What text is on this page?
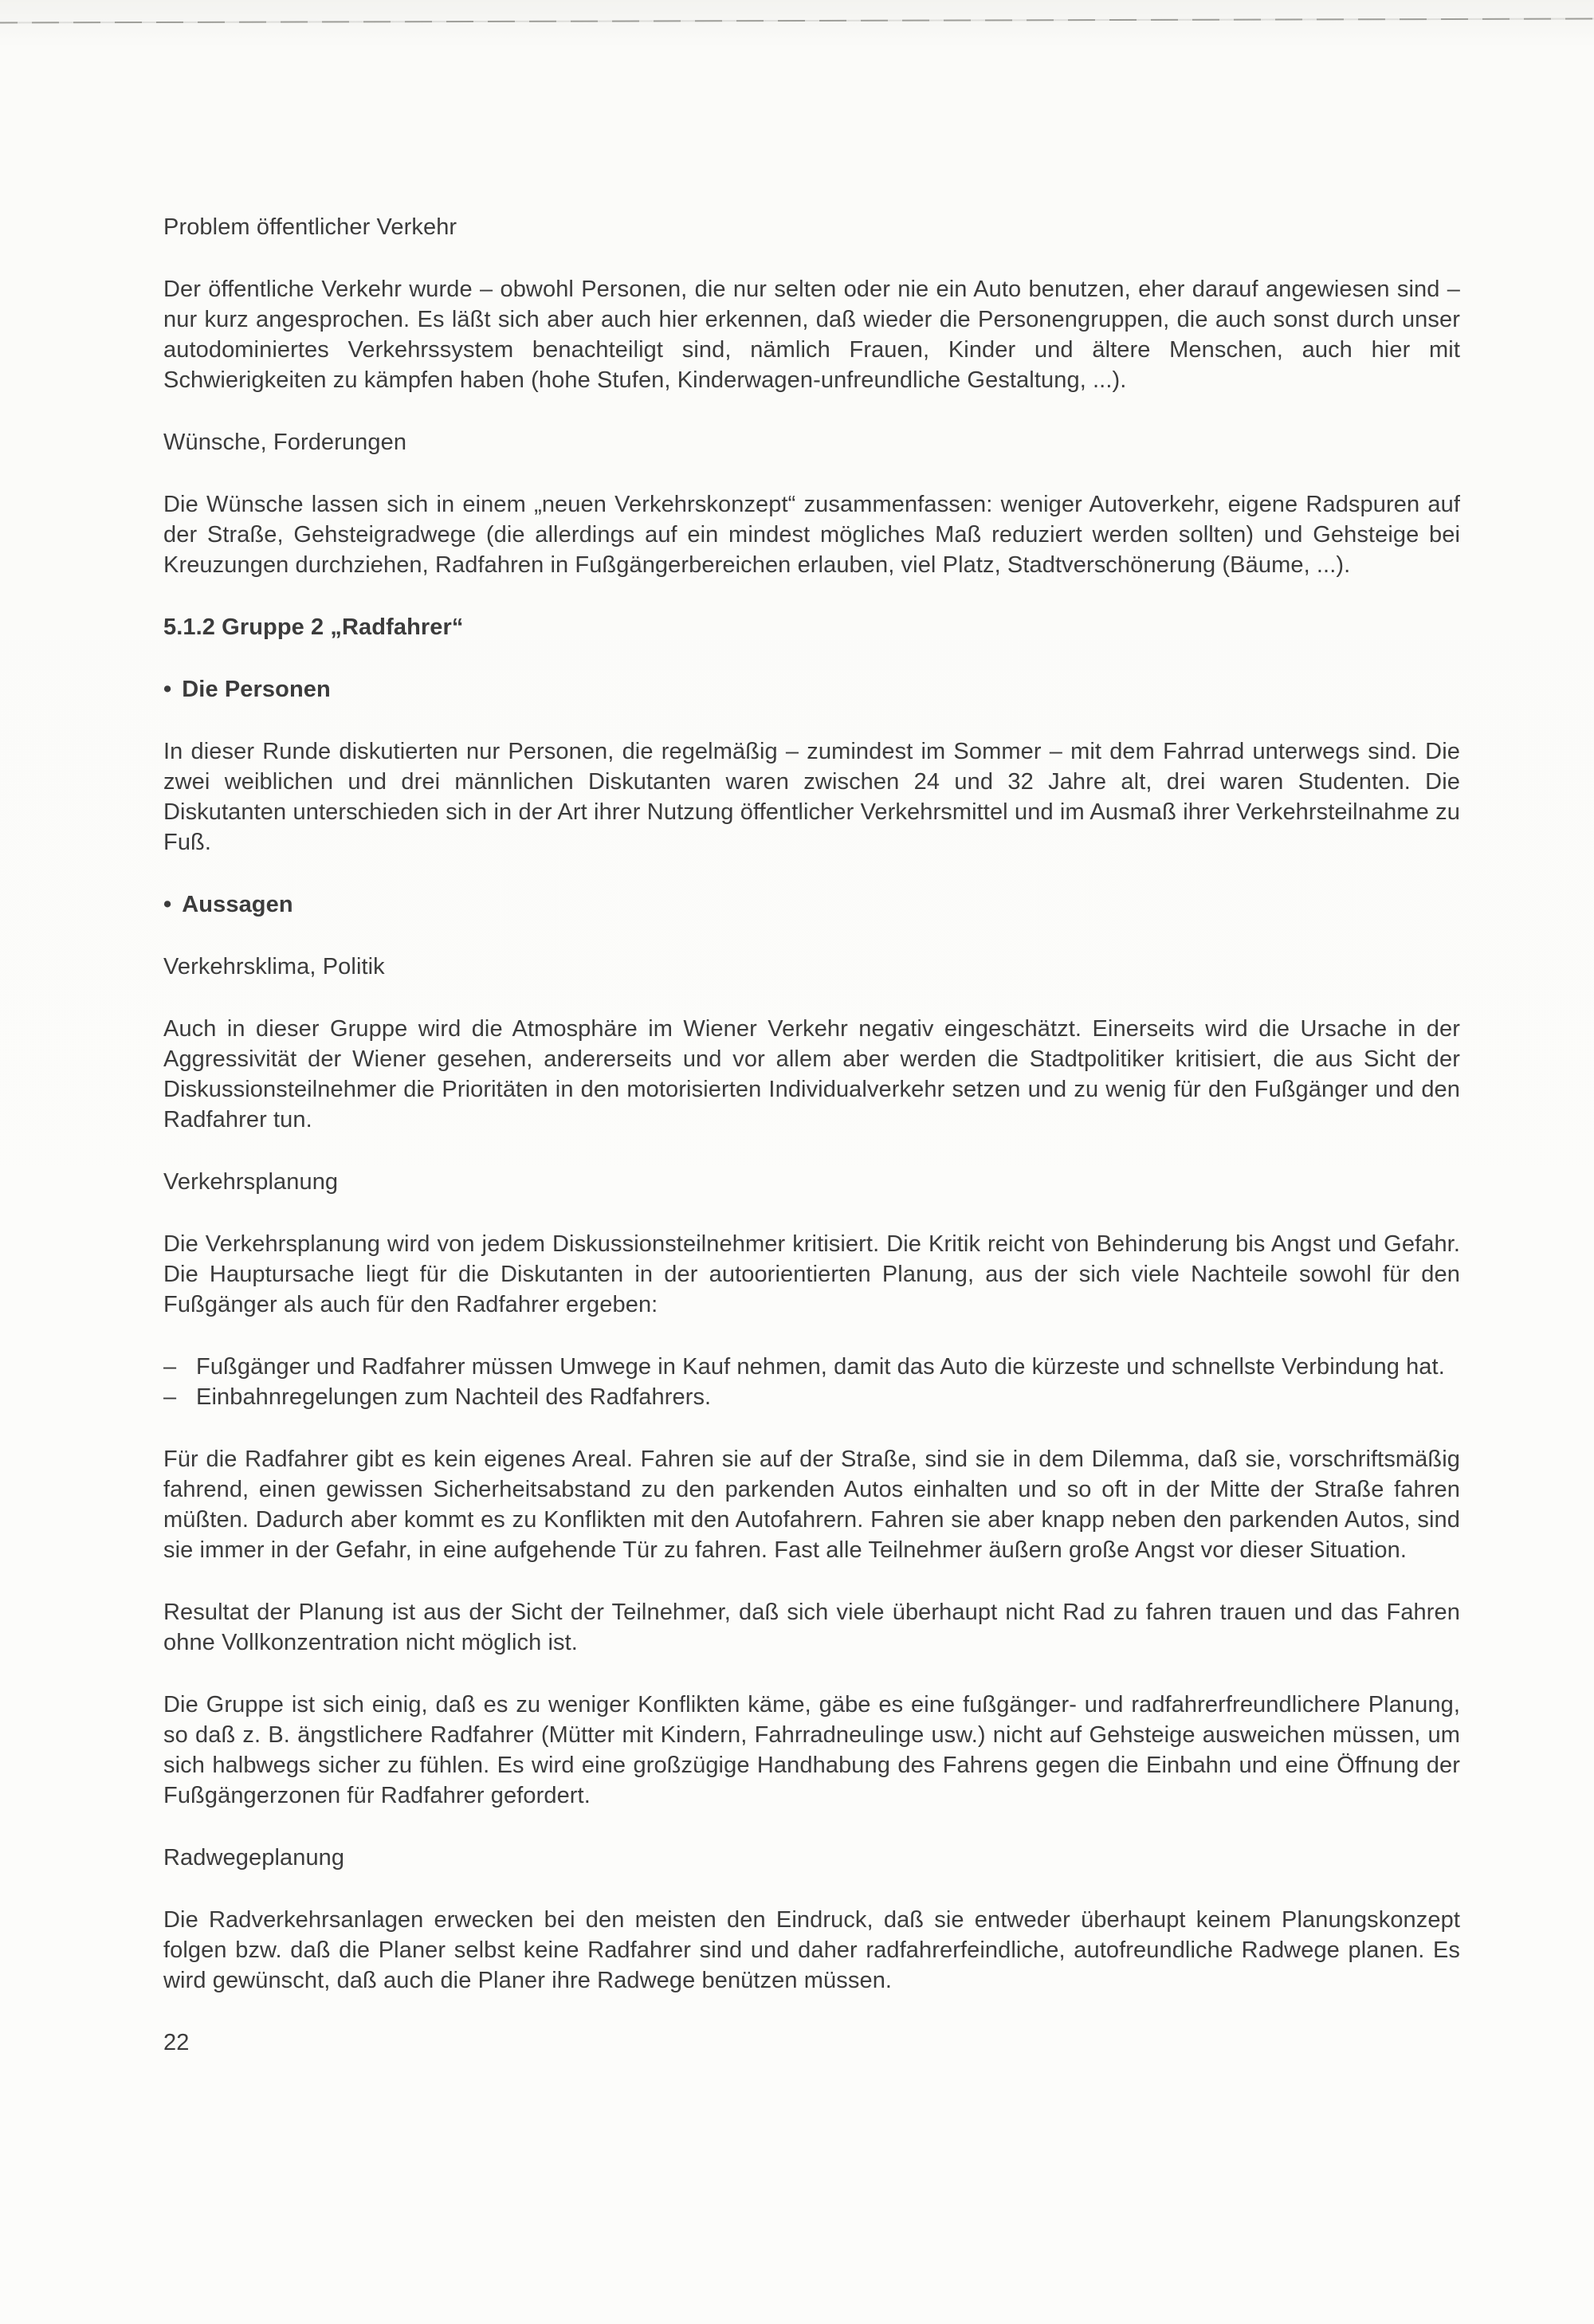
Problem öffentlicher Verkehr

Der öffentliche Verkehr wurde – obwohl Personen, die nur selten oder nie ein Auto benutzen, eher darauf angewiesen sind – nur kurz angesprochen. Es läßt sich aber auch hier erkennen, daß wieder die Personengruppen, die auch sonst durch unser autodominiertes Verkehrssystem benachteiligt sind, nämlich Frauen, Kinder und ältere Menschen, auch hier mit Schwierigkeiten zu kämpfen haben (hohe Stufen, Kinderwagen-unfreundliche Gestaltung, ...).

Wünsche, Forderungen

Die Wünsche lassen sich in einem „neuen Verkehrskonzept“ zusammenfassen: weniger Autoverkehr, eigene Radspuren auf der Straße, Gehsteigradwege (die allerdings auf ein mindest mögliches Maß reduziert werden sollten) und Gehsteige bei Kreuzungen durchziehen, Radfahren in Fußgängerbereichen erlauben, viel Platz, Stadtverschönerung (Bäume, ...).

5.1.2 Gruppe 2 „Radfahrer“

• Die Personen

In dieser Runde diskutierten nur Personen, die regelmäßig – zumindest im Sommer – mit dem Fahrrad unterwegs sind. Die zwei weiblichen und drei männlichen Diskutanten waren zwischen 24 und 32 Jahre alt, drei waren Studenten. Die Diskutanten unterschieden sich in der Art ihrer Nutzung öffentlicher Verkehrsmittel und im Ausmaß ihrer Verkehrsteilnahme zu Fuß.

• Aussagen

Verkehrsklima, Politik

Auch in dieser Gruppe wird die Atmosphäre im Wiener Verkehr negativ eingeschätzt. Einerseits wird die Ursache in der Aggressivität der Wiener gesehen, andererseits und vor allem aber werden die Stadtpolitiker kritisiert, die aus Sicht der Diskussionsteilnehmer die Prioritäten in den motorisierten Individualverkehr setzen und zu wenig für den Fußgänger und den Radfahrer tun.

Verkehrsplanung

Die Verkehrsplanung wird von jedem Diskussionsteilnehmer kritisiert. Die Kritik reicht von Behinderung bis Angst und Gefahr. Die Hauptursache liegt für die Diskutanten in der autoorientierten Planung, aus der sich viele Nachteile sowohl für den Fußgänger als auch für den Radfahrer ergeben:

– Fußgänger und Radfahrer müssen Umwege in Kauf nehmen, damit das Auto die kürzeste und schnellste Verbindung hat.
– Einbahnregelungen zum Nachteil des Radfahrers.

Für die Radfahrer gibt es kein eigenes Areal. Fahren sie auf der Straße, sind sie in dem Dilemma, daß sie, vorschriftsmäßig fahrend, einen gewissen Sicherheitsabstand zu den parkenden Autos einhalten und so oft in der Mitte der Straße fahren müßten. Dadurch aber kommt es zu Konflikten mit den Autofahrern. Fahren sie aber knapp neben den parkenden Autos, sind sie immer in der Gefahr, in eine aufgehende Tür zu fahren. Fast alle Teilnehmer äußern große Angst vor dieser Situation.

Resultat der Planung ist aus der Sicht der Teilnehmer, daß sich viele überhaupt nicht Rad zu fahren trauen und das Fahren ohne Vollkonzentration nicht möglich ist.

Die Gruppe ist sich einig, daß es zu weniger Konflikten käme, gäbe es eine fußgänger- und radfahrerfreundlichere Planung, so daß z. B. ängstlichere Radfahrer (Mütter mit Kindern, Fahrradneulinge usw.) nicht auf Gehsteige ausweichen müssen, um sich halbwegs sicher zu fühlen. Es wird eine großzügige Handhabung des Fahrens gegen die Einbahn und eine Öffnung der Fußgängerzonen für Radfahrer gefordert.

Radwegeplanung

Die Radverkehrsanlagen erwecken bei den meisten den Eindruck, daß sie entweder überhaupt keinem Planungskonzept folgen bzw. daß die Planer selbst keine Radfahrer sind und daher radfahrerfeindliche, autofreundliche Radwege planen. Es wird gewünscht, daß auch die Planer ihre Radwege benützen müssen.

22
